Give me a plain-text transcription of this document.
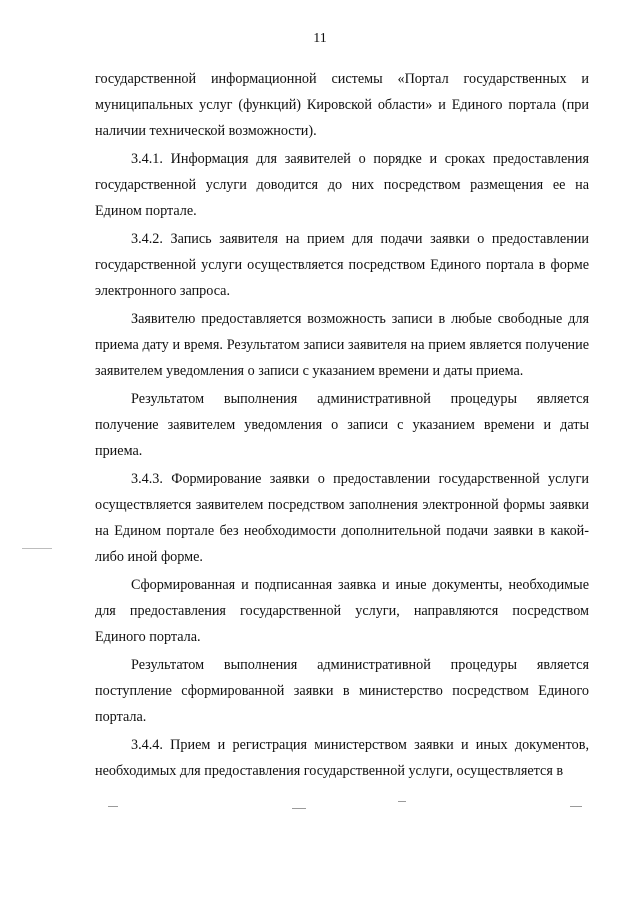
11

государственной информационной системы «Портал государственных и муниципальных услуг (функций) Кировской области» и Единого портала (при наличии технической возможности).

3.4.1. Информация для заявителей о порядке и сроках предоставления государственной услуги доводится до них посредством размещения ее на Едином портале.

3.4.2. Запись заявителя на прием для подачи заявки о предоставлении государственной услуги осуществляется посредством Единого портала в форме электронного запроса.

Заявителю предоставляется возможность записи в любые свободные для приема дату и время. Результатом записи заявителя на прием является получение заявителем уведомления о записи с указанием времени и даты приема.

Результатом выполнения административной процедуры является получение заявителем уведомления о записи с указанием времени и даты приема.

3.4.3. Формирование заявки о предоставлении государственной услуги осуществляется заявителем посредством заполнения электронной формы заявки на Едином портале без необходимости дополнительной подачи заявки в какой-либо иной форме.

Сформированная и подписанная заявка и иные документы, необходимые для предоставления государственной услуги, направляются посредством Единого портала.

Результатом выполнения административной процедуры является поступление сформированной заявки в министерство посредством Единого портала.

3.4.4. Прием и регистрация министерством заявки и иных документов, необходимых для предоставления государственной услуги, осуществляется в
